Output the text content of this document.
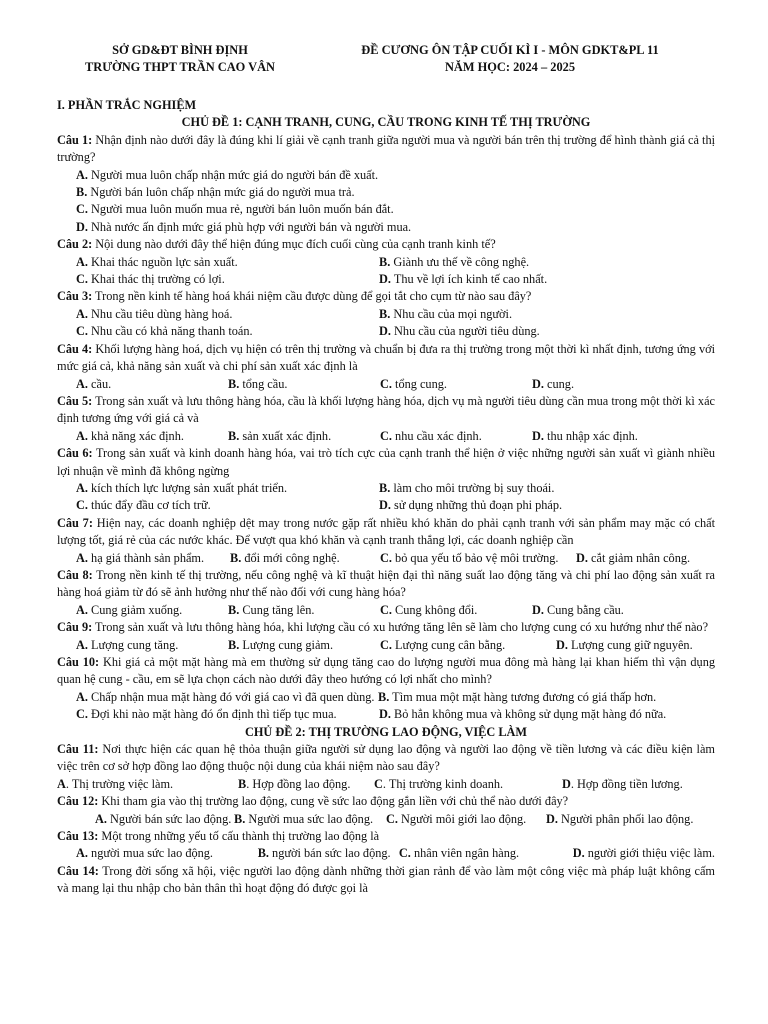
SỞ GD&ĐT BÌNH ĐỊNH
TRƯỜNG THPT TRẦN CAO VÂN
ĐỀ CƯƠNG ÔN TẬP CUỐI KÌ I - MÔN GDKT&PL 11
NĂM HỌC: 2024 – 2025
I. PHẦN TRẮC NGHIỆM
CHỦ ĐỀ 1: CẠNH TRANH, CUNG, CẦU TRONG KINH TẾ THỊ TRƯỜNG
Câu 1: Nhận định nào dưới đây là đúng khi lí giải về cạnh tranh giữa người mua và người bán trên thị trường để hình thành giá cả thị trường?
A. Người mua luôn chấp nhận mức giá do người bán đề xuất.
B. Người bán luôn chấp nhận mức giá do người mua trả.
C. Người mua luôn muốn mua rẻ, người bán luôn muốn bán đắt.
D. Nhà nước ấn định mức giá phù hợp với người bán và người mua.
Câu 2: Nội dung nào dưới đây thể hiện đúng mục đích cuối cùng của cạnh tranh kinh tế?
A. Khai thác nguồn lực sản xuất.	B. Giành ưu thế về công nghệ.
C. Khai thác thị trường có lợi.	D. Thu về lợi ích kinh tế cao nhất.
Câu 3: Trong nền kinh tế hàng hoá khái niệm cầu được dùng để gọi tắt cho cụm từ nào sau đây?
A. Nhu cầu tiêu dùng hàng hoá.	B. Nhu cầu của mọi người.
C. Nhu cầu có khả năng thanh toán.	D. Nhu cầu của người tiêu dùng.
Câu 4: Khối lượng hàng hoá, dịch vụ hiện có trên thị trường và chuẩn bị đưa ra thị trường trong một thời kì nhất định, tương ứng với mức giá cả, khả năng sản xuất và chi phí sản xuất xác định là
A. cầu.	B. tổng cầu.	C. tổng cung.	D. cung.
Câu 5: Trong sản xuất và lưu thông hàng hóa, cầu là khối lượng hàng hóa, dịch vụ mà người tiêu dùng cần mua trong một thời kì xác định tương ứng với giá cả và
A. khả năng xác định.	B. sản xuất xác định.	C. nhu cầu xác định.	D. thu nhập xác định.
Câu 6: Trong sản xuất và kinh doanh hàng hóa, vai trò tích cực của cạnh tranh thể hiện ở việc những người sản xuất vì giành nhiều lợi nhuận về mình đã không ngừng
A. kích thích lực lượng sản xuất phát triển.	B. làm cho môi trường bị suy thoái.
C. thúc đẩy đầu cơ tích trữ.	D. sử dụng những thủ đoạn phi pháp.
Câu 7: Hiện nay, các doanh nghiệp dệt may trong nước gặp rất nhiều khó khăn do phải cạnh tranh với sản phẩm may mặc có chất lượng tốt, giá rẻ của các nước khác. Để vượt qua khó khăn và cạnh tranh thắng lợi, các doanh nghiệp cần
A. hạ giá thành sản phẩm.	B. đổi mới công nghệ.	C. bỏ qua yếu tố bảo vệ môi trường.	D. cắt giảm nhân công.
Câu 8: Trong nền kinh tế thị trường, nếu công nghệ và kĩ thuật hiện đại thì năng suất lao động tăng và chi phí lao động sản xuất ra hàng hoá giảm từ đó sẽ ảnh hưởng như thế nào đối với cung hàng hóa?
A. Cung giảm xuống.	B. Cung tăng lên.	C. Cung không đổi.	D. Cung bằng cầu.
Câu 9: Trong sản xuất và lưu thông hàng hóa, khi lượng cầu có xu hướng tăng lên sẽ làm cho lượng cung có xu hướng như thế nào?
A. Lượng cung tăng.	B. Lượng cung giảm.	C. Lượng cung cân bằng.	D. Lượng cung giữ nguyên.
Câu 10: Khi giá cả một mặt hàng mà em thường sử dụng tăng cao do lượng người mua đông mà hàng lại khan hiếm thì vận dụng quan hệ cung - cầu, em sẽ lựa chọn cách nào dưới đây theo hướng có lợi nhất cho mình?
A. Chấp nhận mua mặt hàng đó với giá cao vì đã quen dùng. B. Tìm mua một mặt hàng tương đương có giá thấp hơn.
C. Đợi khi nào mặt hàng đó ổn định thì tiếp tục mua.	D. Bỏ hẳn không mua và không sử dụng mặt hàng đó nữa.
CHỦ ĐỀ 2: THỊ TRƯỜNG LAO ĐỘNG, VIỆC LÀM
Câu 11: Nơi thực hiện các quan hệ thỏa thuận giữa người sử dụng lao động và người lao động về tiền lương và các điều kiện làm việc trên cơ sở hợp đồng lao động thuộc nội dung của khái niệm nào sau đây?
A. Thị trường việc làm.	B. Hợp đồng lao động.	C. Thị trường kinh doanh.	D. Hợp đồng tiền lương.
Câu 12: Khi tham gia vào thị trường lao động, cung về sức lao động gắn liền với chủ thể nào dưới đây?
A. Người bán sức lao động. B. Người mua sức lao động. C. Người môi giới lao động. D. Người phân phối lao động.
Câu 13: Một trong những yếu tố cấu thành thị trường lao động là
A. người mua sức lao động.	B. người bán sức lao động. C. nhân viên ngân hàng.	D. người giới thiệu việc làm.
Câu 14: Trong đời sống xã hội, việc người lao động dành những thời gian rảnh để vào làm một công việc mà pháp luật không cấm và mang lại thu nhập cho bản thân thì hoạt động đó được gọi là
